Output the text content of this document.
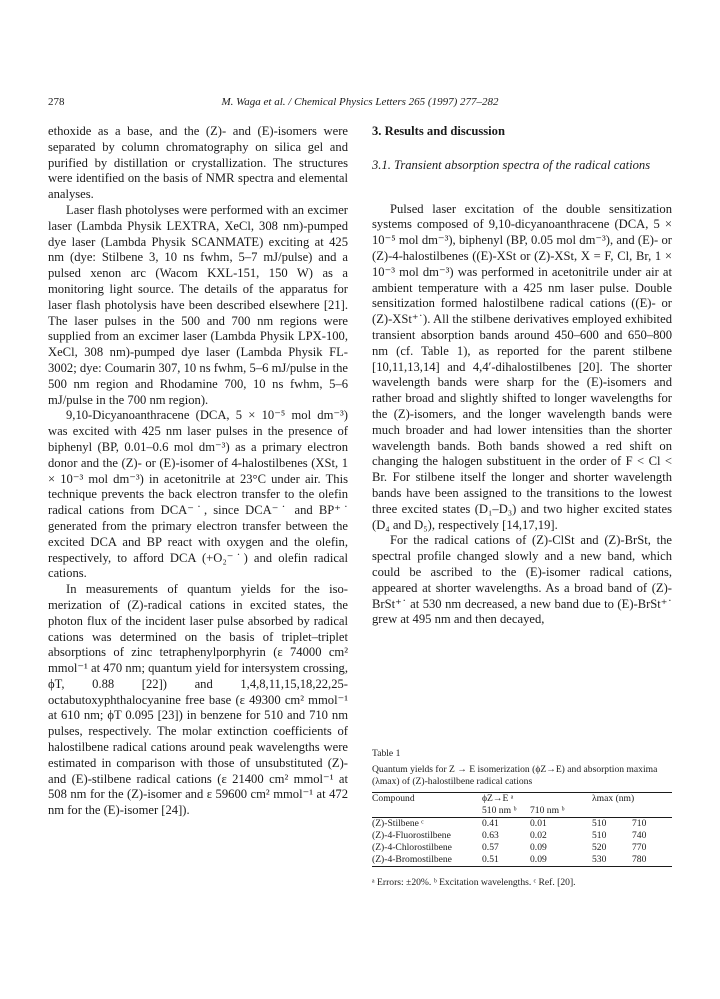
278	M. Waga et al. / Chemical Physics Letters 265 (1997) 277–282

ethoxide as a base, and the (Z)- and (E)-isomers were separated by column chromatography on silica gel and purified by distillation or crystallization. The structures were identified on the basis of NMR spectra and elemental analyses.

Laser flash photolyses were performed with an excimer laser (Lambda Physik LEXTRA, XeCl, 308 nm)-pumped dye laser (Lambda Physik SCANMATE) exciting at 425 nm (dye: Stilbene 3, 10 ns fwhm, 5–7 mJ/pulse) and a pulsed xenon arc (Wacom KXL-151, 150 W) as a monitoring light source. The details of the apparatus for laser flash photolysis have been described elsewhere [21]. The laser pulses in the 500 and 700 nm regions were supplied from an excimer laser (Lambda Physik LPX-100, XeCl, 308 nm)-pumped dye laser (Lambda Physik FL-3002; dye: Coumarin 307, 10 ns fwhm, 5–6 mJ/pulse in the 500 nm region and Rhodamine 700, 10 ns fwhm, 5–6 mJ/pulse in the 700 nm region).

9,10-Dicyanoanthracene (DCA, 5 × 10⁻⁵ mol dm⁻³) was excited with 425 nm laser pulses in the presence of biphenyl (BP, 0.01–0.6 mol dm⁻³) as a primary electron donor and the (Z)- or (E)-isomer of 4-halostilbenes (XSt, 1 × 10⁻³ mol dm⁻³) in acetonitrile at 23°C under air. This technique prevents the back electron transfer to the olefin radical cations from DCA⁻˙, since DCA⁻˙ and BP⁺˙ generated from the primary electron transfer between the excited DCA and BP react with oxygen and the olefin, respectively, to afford DCA (+O₂⁻˙) and olefin radical cations.

In measurements of quantum yields for the isomerization of (Z)-radical cations in excited states, the photon flux of the incident laser pulse absorbed by radical cations was determined on the basis of triplet–triplet absorptions of zinc tetraphenylporphyrin (ε 74000 cm² mmol⁻¹ at 470 nm; quantum yield for intersystem crossing, ϕT, 0.88 [22]) and 1,4,8,11,15,18,22,25-octabutoxyphthalocyanine free base (ε 49300 cm² mmol⁻¹ at 610 nm; ϕT 0.095 [23]) in benzene for 510 and 710 nm pulses, respectively. The molar extinction coefficients of halostilbene radical cations around peak wavelengths were estimated in comparison with those of unsubstituted (Z)- and (E)-stilbene radical cations (ε 21400 cm² mmol⁻¹ at 508 nm for the (Z)-isomer and ε 59600 cm² mmol⁻¹ at 472 nm for the (E)-isomer [24]).

3. Results and discussion

3.1. Transient absorption spectra of the radical cations

Pulsed laser excitation of the double sensitization systems composed of 9,10-dicyanoanthracene (DCA, 5 × 10⁻⁵ mol dm⁻³), biphenyl (BP, 0.05 mol dm⁻³), and (E)- or (Z)-4-halostilbenes ((E)-XSt or (Z)-XSt, X = F, Cl, Br, 1 × 10⁻³ mol dm⁻³) was performed in acetonitrile under air at ambient temperature with a 425 nm laser pulse. Double sensitization formed halostilbene radical cations ((E)- or (Z)-XSt⁺˙). All the stilbene derivatives employed exhibited transient absorption bands around 450–600 and 650–800 nm (cf. Table 1), as reported for the parent stilbene [10,11,13,14] and 4,4′-dihalostilbenes [20]. The shorter wavelength bands were sharp for the (E)-isomers and rather broad and slightly shifted to longer wavelengths for the (Z)-isomers, and the longer wavelength bands were much broader and had lower intensities than the shorter wavelength bands. Both bands showed a red shift on changing the halogen substituent in the order of F < Cl < Br. For stilbene itself the longer and shorter wavelength bands have been assigned to the transitions to the lowest three excited states (D₁–D₃) and two higher excited states (D₄ and D₅), respectively [14,17,19].

For the radical cations of (Z)-ClSt and (Z)-BrSt, the spectral profile changed slowly and a new band, which could be ascribed to the (E)-isomer radical cations, appeared at shorter wavelengths. As a broad band of (Z)-BrSt⁺˙ at 530 nm decreased, a new band due to (E)-BrSt⁺˙ grew at 495 nm and then decayed,

Table 1

Quantum yields for Z → E isomerization (ϕZ→E) and absorption maxima (λmax) of (Z)-halostilbene radical cations

Compound	ϕZ→E ᵃ		λmax (nm)	
	510 nm ᵇ	710 nm ᵇ		
(Z)-Stilbene ᶜ	0.41	0.01	510	710
(Z)-4-Fluorostilbene	0.63	0.02	510	740
(Z)-4-Chlorostilbene	0.57	0.09	520	770
(Z)-4-Bromostilbene	0.51	0.09	530	780

ᵃ Errors: ±20%. ᵇ Excitation wavelengths. ᶜ Ref. [20].
